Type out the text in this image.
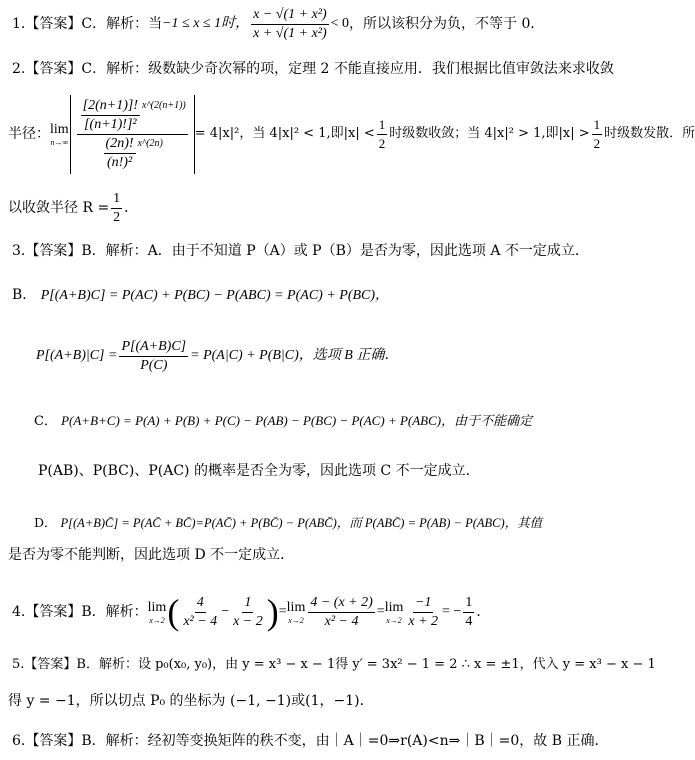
1.【答案】C．解析：当 −1 ≤ x ≤ 1时， $\frac{\text{x − √(1 + x²)}}{\text{x + √(1 + x²)}} < 0$ ，所以该积分为负，不等于 0．
2.【答案】C．解析：级数缺少奇次幂的项，定理 2 不能直接应用．我们根据比值审敛法来求收敛
半径： lim
$n\to\infty \frac{\frac{[2(n+1)]!}{\text{[(n+1)!]²}} x\^{}(2(n+1))}{\frac{(2n)!}{\text{(n!)²}} x\^{}(2n)} = 4|x|^2$，当 4|x|² < 1,即$|x| < \frac{1}{2}$ 时级数收敛；当 4|x|² > 1,即$|x| > \frac{1}{2}$ 时级数发散．所
以收敛半径 $R = \frac{1}{2}$ ．
3.【答案】B．解析：A．由于不知道 P（A）或 P（B）是否为零，因此选项 A 不一定成立．
B． P[(A+B)C] = P(AC) + P(BC) − P(ABC) = P(AC) + P(BC)，
$P[(A+B)|C] = \frac{P[(A+B)C]}{P(C)} = P(A|C) + P(B|C)$，选项 B 正确．
C． P(A+B+C) = P(A) + P(B) + P(C) − P(AB) − P(BC) − P(AC) + P(ABC)，由于不能确定
P(AB)、P(BC)、P(AC) 的概率是否全为零，因此选项 C 不一定成立．
D． P[(A+B)C̄] = P(AC̄ + BC̄)=P(AC̄) + P(BC̄) − P(ABC̄)，而 P(ABC̄) = P(AB) − P(ABC)，其值
是否为零不能判断，因此选项 D 不一定成立．
4.【答案】B．解析： lim
x→2 ( $\frac{4}{\text{x² − 4}} - \frac{1}{x - 2}$ ) = lim
$x\to 2 \frac{4 - (x + 2)}{\text{x² − 4}} = \lim$
$x\to 2 \frac{-1}{x + 2}$ = − $\frac{1}{4}$ ．
5.【答案】B．解析：设 p₀(x₀, y₀)，由 y = x³ − x − 1得 y′ = 3x² − 1 = 2 ∴ x = ±1，代入 y = x³ − x − 1
得 y = −1，所以切点 P₀ 的坐标为 (−1, −1)或(1，−1)．
6.【答案】B．解析：经初等变换矩阵的秩不变，由｜A｜=0⇒r(A)<n⇒｜B｜=0，故 B 正确．
